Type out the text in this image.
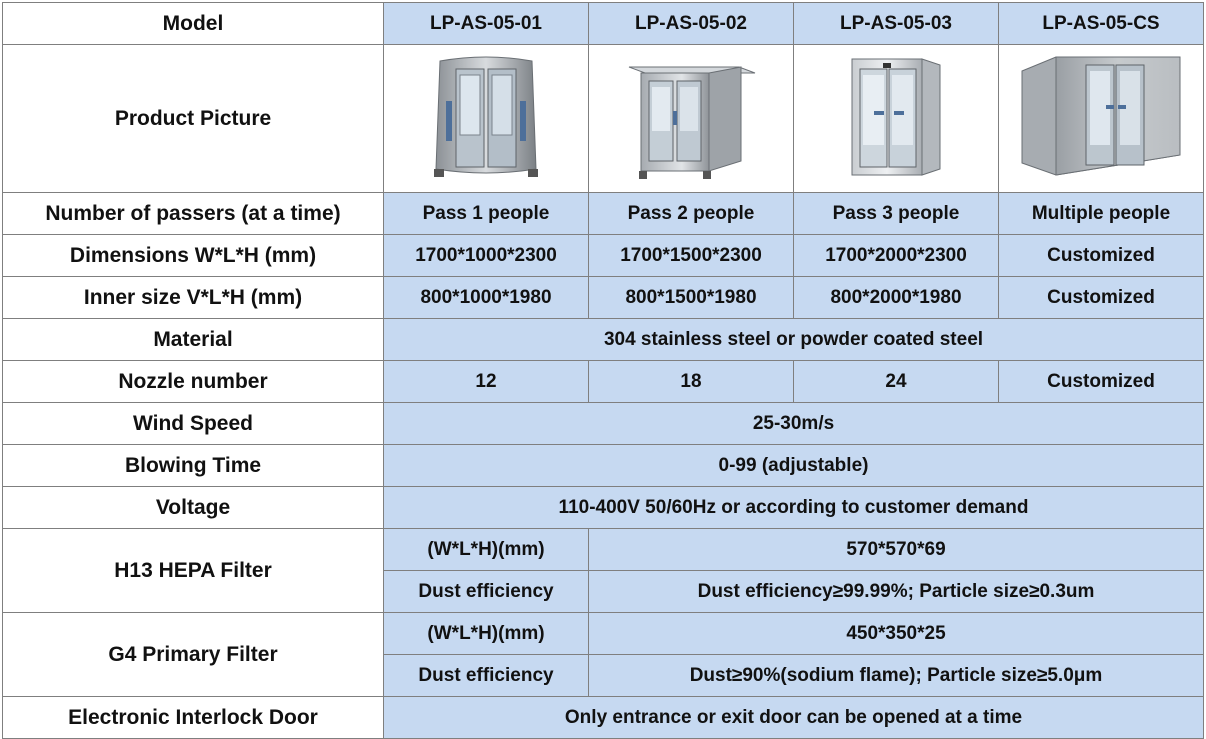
Model	LP-AS-05-01	LP-AS-05-02	LP-AS-05-03	LP-AS-05-CS
Product Picture	

Number of passers (at a time)	Pass 1 people	Pass 2 people	Pass 3 people	Multiple people
Dimensions W*L*H (mm)	1700*1000*2300	1700*1500*2300	1700*2000*2300	Customized
Inner size V*L*H (mm)	800*1000*1980	800*1500*1980	800*2000*1980	Customized
Material	304 stainless steel or powder coated steel			
Nozzle number	12	18	24	Customized
Wind Speed	25-30m/s			
Blowing Time	0-99 (adjustable)			
Voltage	110-400V 50/60Hz or according to customer demand			
H13 HEPA Filter	(W*L*H)(mm)	570*570*69		
	Dust efficiency	Dust efficiency≥99.99%; Particle size≥0.3um		
G4 Primary Filter	(W*L*H)(mm)	450*350*25		
	Dust efficiency	Dust≥90%(sodium flame); Particle size≥5.0μm		
Electronic Interlock Door	Only entrance or exit door can be opened at a time			
